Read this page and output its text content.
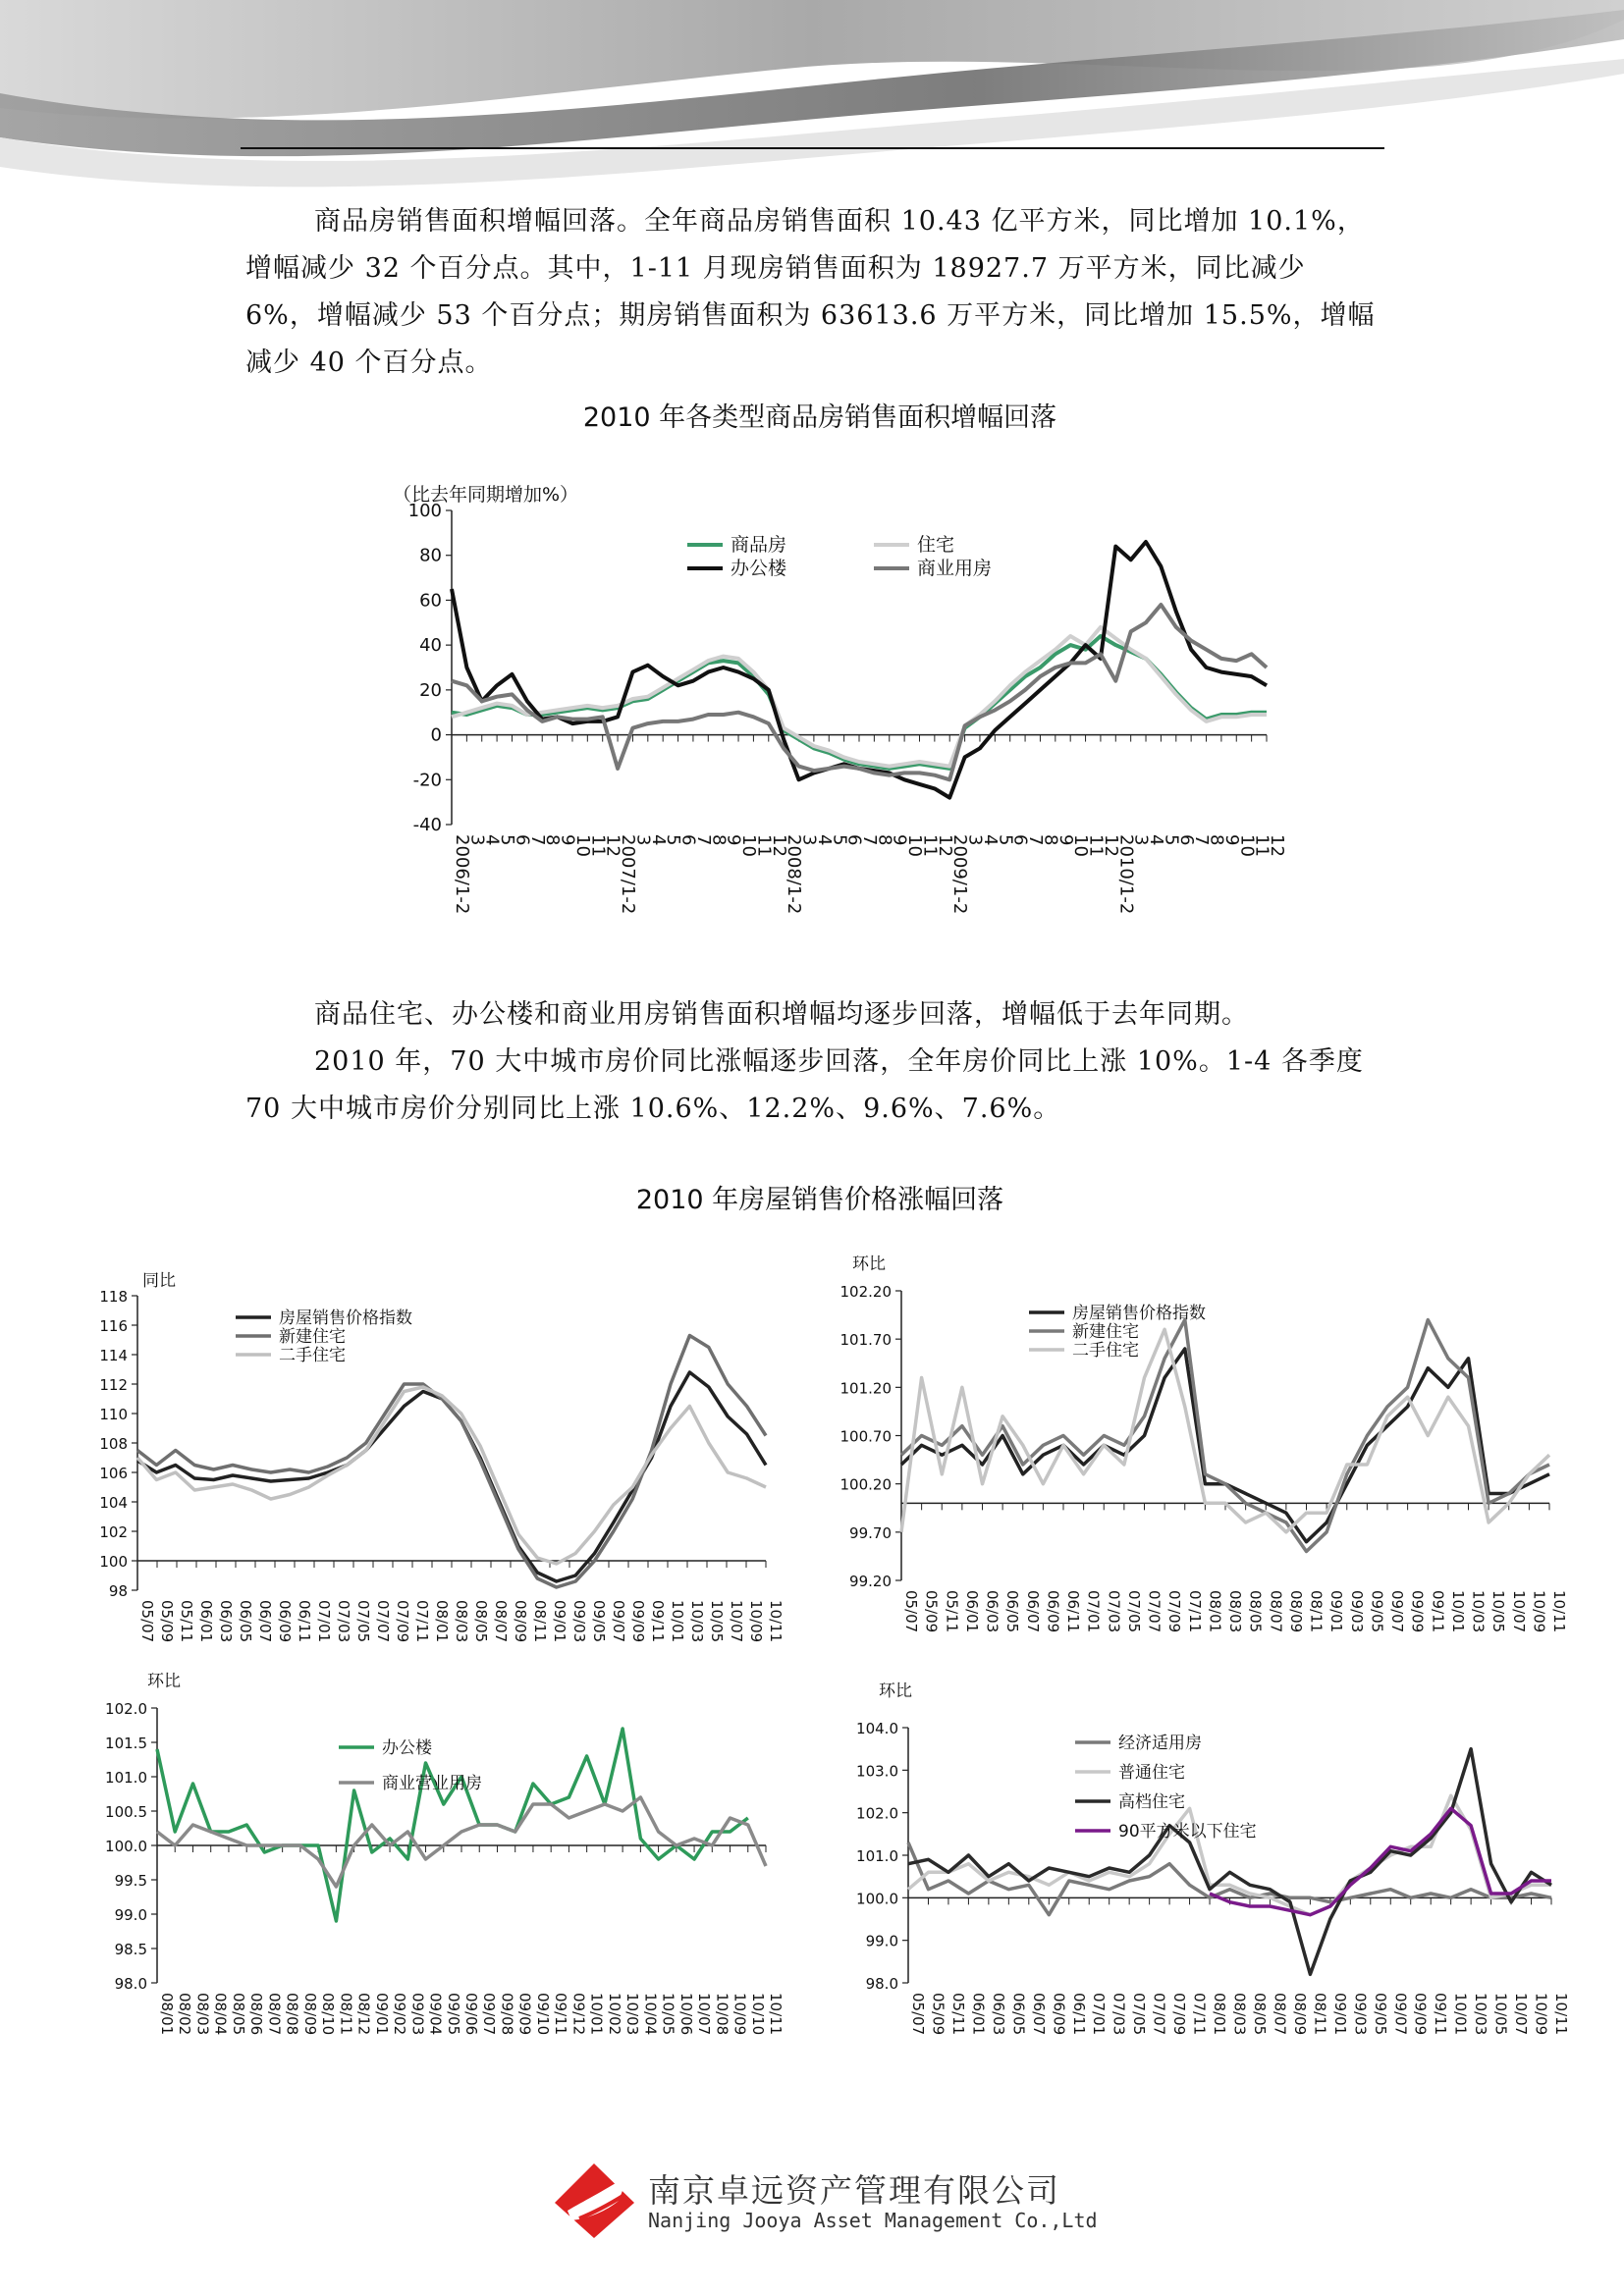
商品房销售面积增幅回落。全年商品房销售面积 10.43 亿平方米，同比增加 10.1%，增幅减少 32 个百分点。其中，1-11 月现房销售面积为 18927.7 万平方米，同比减少 6%，增幅减少 53 个百分点；期房销售面积为 63613.6 万平方米，同比增加 15.5%，增幅减少 40 个百分点。

2010 年各类型商品房销售面积增幅回落
100
80
60
40
20
0
-20
-40
2006/1-2
3
4
5
6
7
8
9
10
11
12
2007/1-2
3
4
5
6
7
8
9
10
11
12
2008/1-2
3
4
5
6
7
8
9
10
11
12
2009/1-2
3
4
5
6
7
8
9
10
11
12
2010/1-2
3
4
5
6
7
8
9
10
11
12
（比去年同期增加%）
商品房	住宅
办公楼	商业用房

商品住宅、办公楼和商业用房销售面积增幅均逐步回落，增幅低于去年同期。

2010 年，70 大中城市房价同比涨幅逐步回落，全年房价同比上涨 10%。1-4 各季度 70 大中城市房价分别同比上涨 10.6%、12.2%、9.6%、7.6%。

2010 年房屋销售价格涨幅回落
118
116
114
112
110
108
106
104
102
100
98
05/07 05/09 05/11 06/01 06/03 06/05 06/07 06/09 06/11 07/01 07/03 07/05 07/07 07/09 07/11 08/01 08/03 08/05 08/07 08/09 08/11 09/01 09/03 09/05 09/07 09/09 09/11 10/01 10/03 10/05 10/07 10/09 10/11
同比
房屋销售价格指数
新建住宅
二手住宅
102.20
101.70
101.20
100.70
100.20
99.70
99.20
05/07 05/09 05/11 06/01 06/03 06/05 06/07 06/09 06/11 07/01 07/03 07/05 07/07 07/09 07/11 08/01 08/03 08/05 08/07 08/09 08/11 09/01 09/03 09/05 09/07 09/09 09/11 10/01 10/03 10/05 10/07 10/09 10/11
环比
房屋销售价格指数
新建住宅
二手住宅
102.0
101.5
101.0
100.5
100.0
99.5
99.0
98.5
98.0
08/01 08/02 08/03 08/04 08/05 08/06 08/07 08/08 08/09 08/10 08/11 08/12 09/01 09/02 09/03 09/04 09/05 09/06 09/07 09/08 09/09 09/10 09/11 09/12 10/01 10/02 10/03 10/04 10/05 10/06 10/07 10/08 10/09 10/10 10/11
环比
办公楼
商业营业用房
104.0
103.0
102.0
101.0
100.0
99.0
98.0
05/07 05/09 05/11 06/01 06/03 06/05 06/07 06/09 06/11 07/01 07/03 07/05 07/07 07/09 07/11 08/01 08/03 08/05 08/07 08/09 08/11 09/01 09/03 09/05 09/07 09/09 09/11 10/01 10/03 10/05 10/07 10/09 10/11
环比
经济适用房
普通住宅
高档住宅
90平方米以下住宅
南京卓远资产管理有限公司
Nanjing Jooya Asset Management Co.,Ltd
